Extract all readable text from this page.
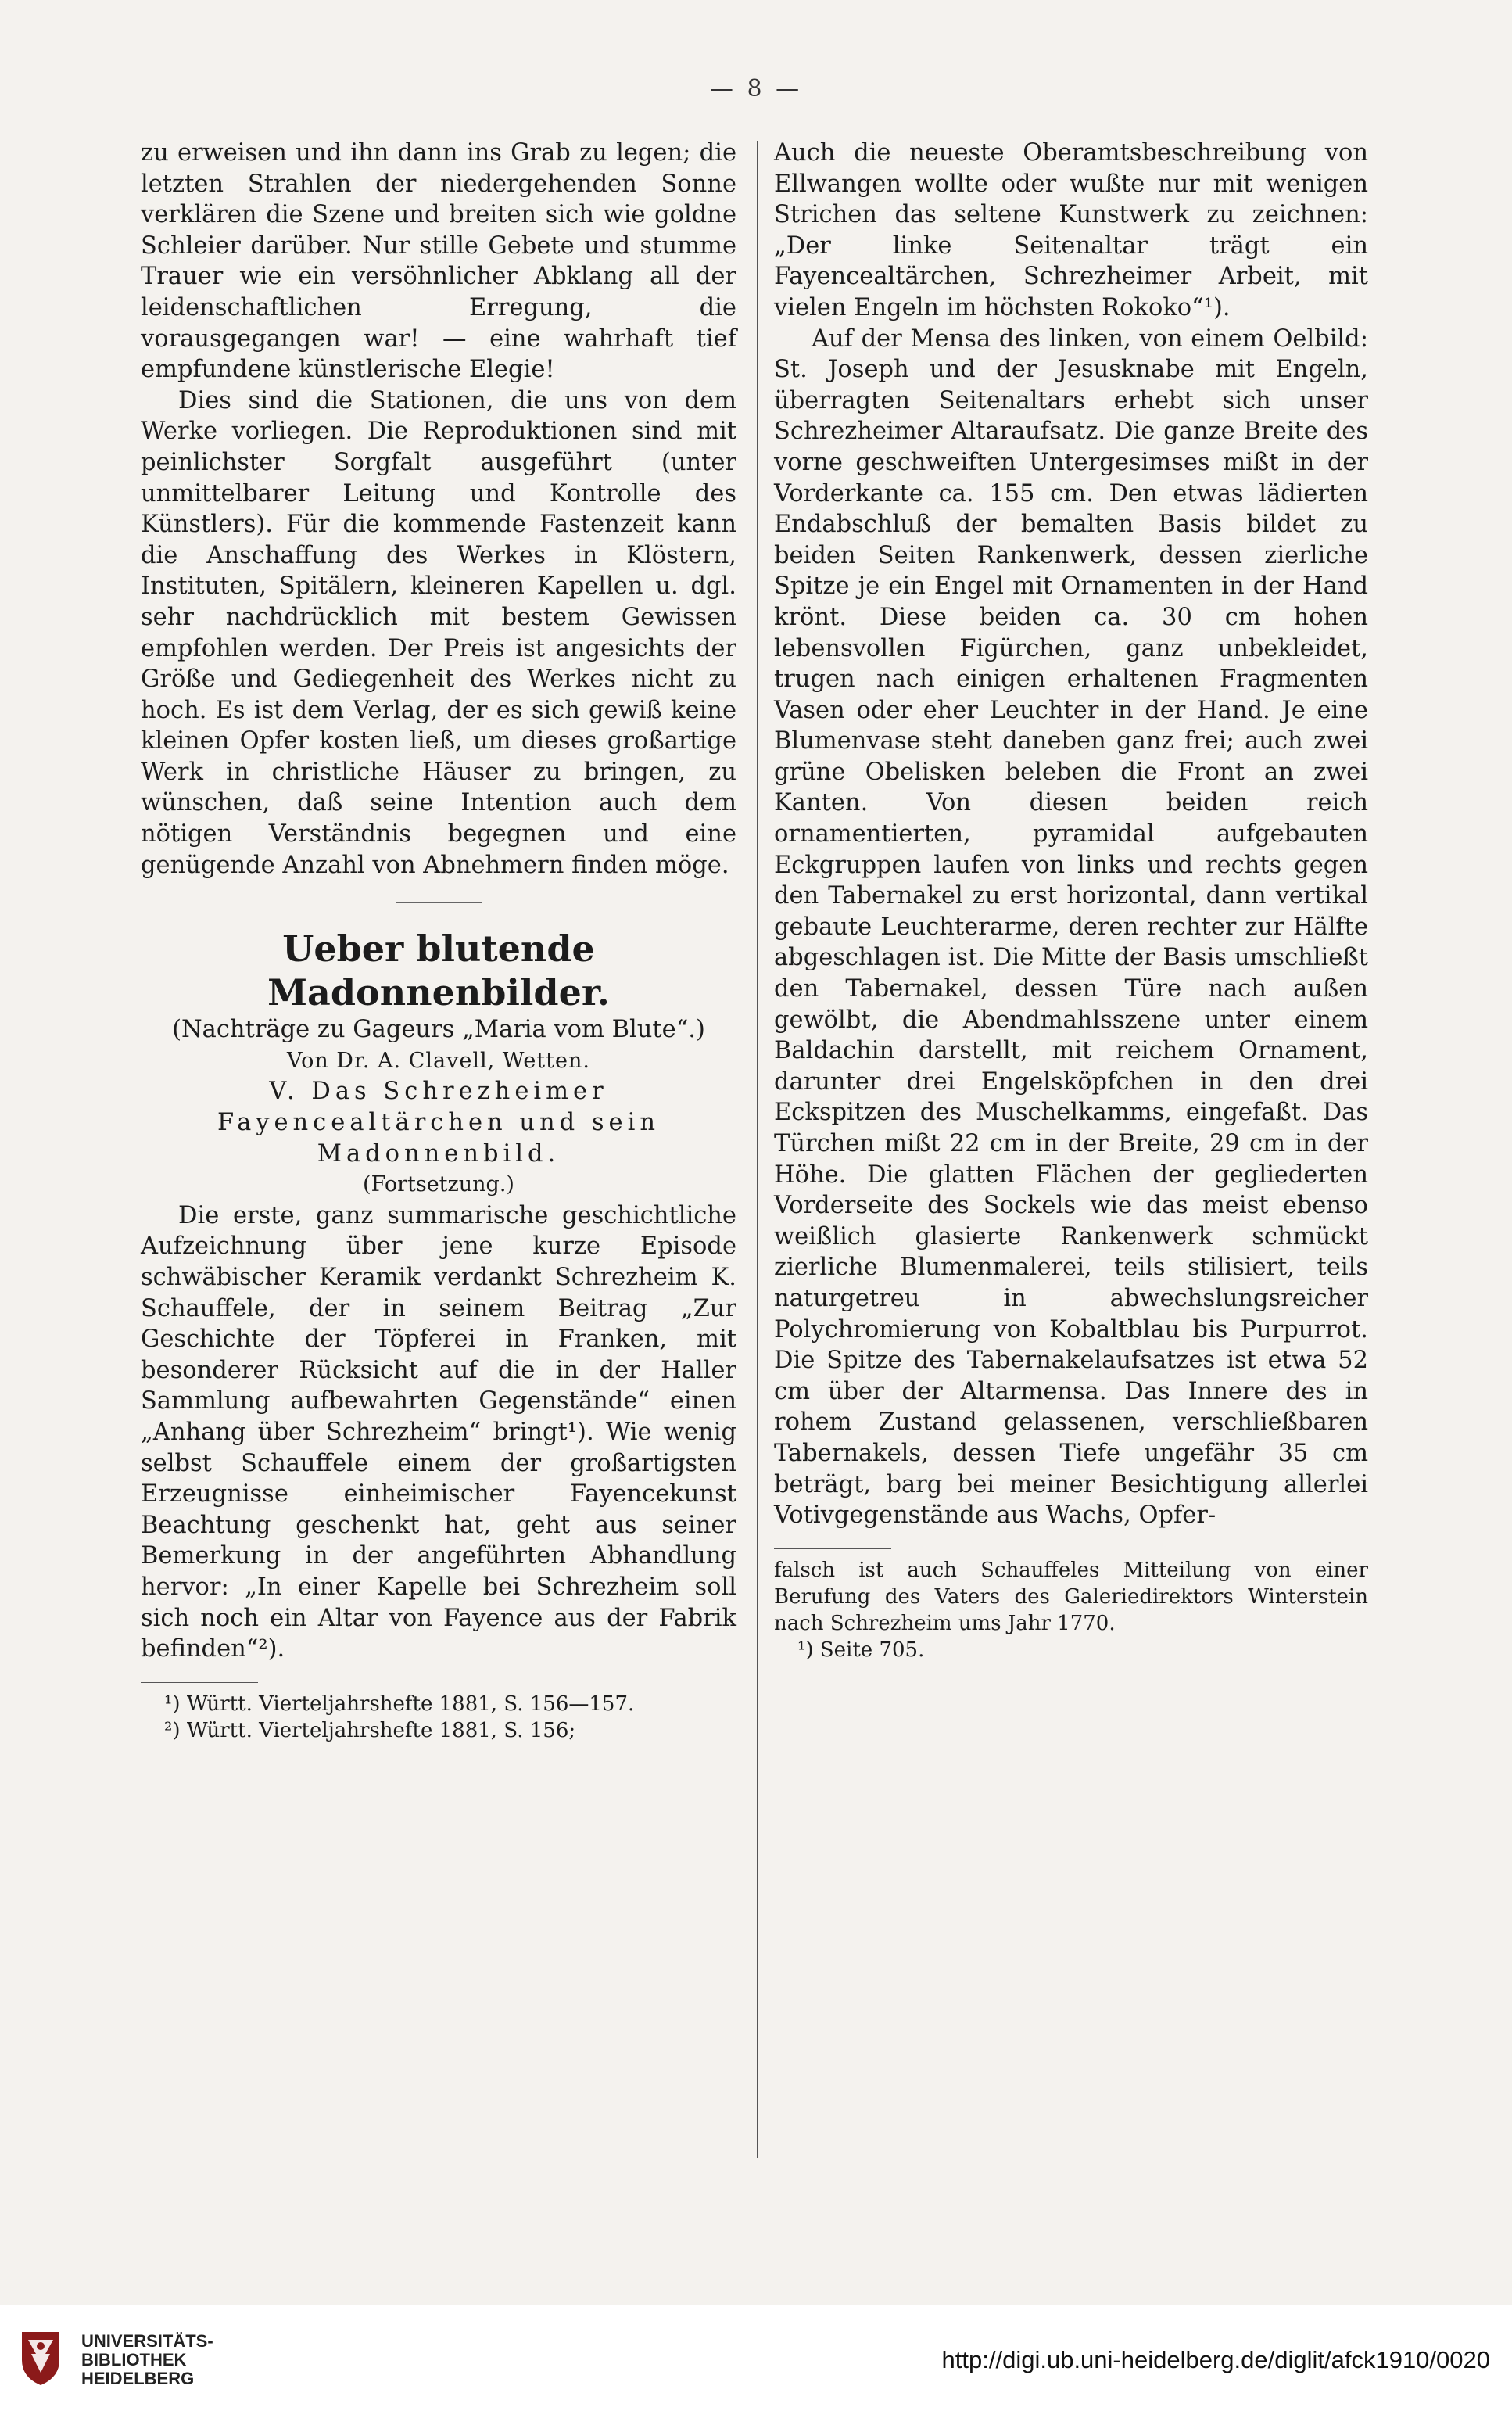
— 8 —

zu erweisen und ihn dann ins Grab zu legen; die letzten Strahlen der niedergehenden Sonne verklären die Szene und breiten sich wie goldne Schleier darüber. Nur stille Gebete und stumme Trauer wie ein versöhnlicher Abklang all der leidenschaftlichen Erregung, die vorausgegangen war! — eine wahrhaft tief empfundene künstlerische Elegie!

Dies sind die Stationen, die uns von dem Werke vorliegen. Die Reproduktionen sind mit peinlichster Sorgfalt ausgeführt (unter unmittelbarer Leitung und Kontrolle des Künstlers). Für die kommende Fastenzeit kann die Anschaffung des Werkes in Klöstern, Instituten, Spitälern, kleineren Kapellen u. dgl. sehr nachdrücklich mit bestem Gewissen empfohlen werden. Der Preis ist angesichts der Größe und Gediegenheit des Werkes nicht zu hoch. Es ist dem Verlag, der es sich gewiß keine kleinen Opfer kosten ließ, um dieses großartige Werk in christliche Häuser zu bringen, zu wünschen, daß seine Intention auch dem nötigen Verständnis begegnen und eine genügende Anzahl von Abnehmern finden möge.

Ueber blutende Madonnenbilder.

(Nachträge zu Gageurs „Maria vom Blute“.)

Von Dr. A. Clavell, Wetten.

V. Das Schrezheimer Fayencealtärchen und sein Madonnenbild.

(Fortsetzung.)

Die erste, ganz summarische geschichtliche Aufzeichnung über jene kurze Episode schwäbischer Keramik verdankt Schrezheim K. Schauffele, der in seinem Beitrag „Zur Geschichte der Töpferei in Franken, mit besonderer Rücksicht auf die in der Haller Sammlung aufbewahrten Gegenstände“ einen „Anhang über Schrezheim“ bringt¹). Wie wenig selbst Schauffele einem der großartigsten Erzeugnisse einheimischer Fayencekunst Beachtung geschenkt hat, geht aus seiner Bemerkung in der angeführten Abhandlung hervor: „In einer Kapelle bei Schrezheim soll sich noch ein Altar von Fayence aus der Fabrik befinden“²).

¹) Württ. Vierteljahrshefte 1881, S. 156—157.

²) Württ. Vierteljahrshefte 1881, S. 156;

Auch die neueste Oberamtsbeschreibung von Ellwangen wollte oder wußte nur mit wenigen Strichen das seltene Kunstwerk zu zeichnen: „Der linke Seitenaltar trägt ein Fayencealtärchen, Schrezheimer Arbeit, mit vielen Engeln im höchsten Rokoko“¹).

Auf der Mensa des linken, von einem Oelbild: St. Joseph und der Jesusknabe mit Engeln, überragten Seitenaltars erhebt sich unser Schrezheimer Altaraufsatz. Die ganze Breite des vorne geschweiften Untergesimses mißt in der Vorderkante ca. 155 cm. Den etwas lädierten Endabschluß der bemalten Basis bildet zu beiden Seiten Rankenwerk, dessen zierliche Spitze je ein Engel mit Ornamenten in der Hand krönt. Diese beiden ca. 30 cm hohen lebensvollen Figürchen, ganz unbekleidet, trugen nach einigen erhaltenen Fragmenten Vasen oder eher Leuchter in der Hand. Je eine Blumenvase steht daneben ganz frei; auch zwei grüne Obelisken beleben die Front an zwei Kanten. Von diesen beiden reich ornamentierten, pyramidal aufgebauten Eckgruppen laufen von links und rechts gegen den Tabernakel zu erst horizontal, dann vertikal gebaute Leuchterarme, deren rechter zur Hälfte abgeschlagen ist. Die Mitte der Basis umschließt den Tabernakel, dessen Türe nach außen gewölbt, die Abendmahlsszene unter einem Baldachin darstellt, mit reichem Ornament, darunter drei Engelsköpfchen in den drei Eckspitzen des Muschelkamms, eingefaßt. Das Türchen mißt 22 cm in der Breite, 29 cm in der Höhe. Die glatten Flächen der gegliederten Vorderseite des Sockels wie das meist ebenso weißlich glasierte Rankenwerk schmückt zierliche Blumenmalerei, teils stilisiert, teils naturgetreu in abwechslungsreicher Polychromierung von Kobaltblau bis Purpurrot. Die Spitze des Tabernakelaufsatzes ist etwa 52 cm über der Altarmensa. Das Innere des in rohem Zustand gelassenen, verschließbaren Tabernakels, dessen Tiefe ungefähr 35 cm beträgt, barg bei meiner Besichtigung allerlei Votivgegenstände aus Wachs, Opfer-

falsch ist auch Schauffeles Mitteilung von einer Berufung des Vaters des Galeriedirektors Winterstein nach Schrezheim ums Jahr 1770.

¹) Seite 705.

UNIVERSITÄTS-
BIBLIOTHEK
HEIDELBERG
http://digi.ub.uni-heidelberg.de/diglit/afck1910/0020
